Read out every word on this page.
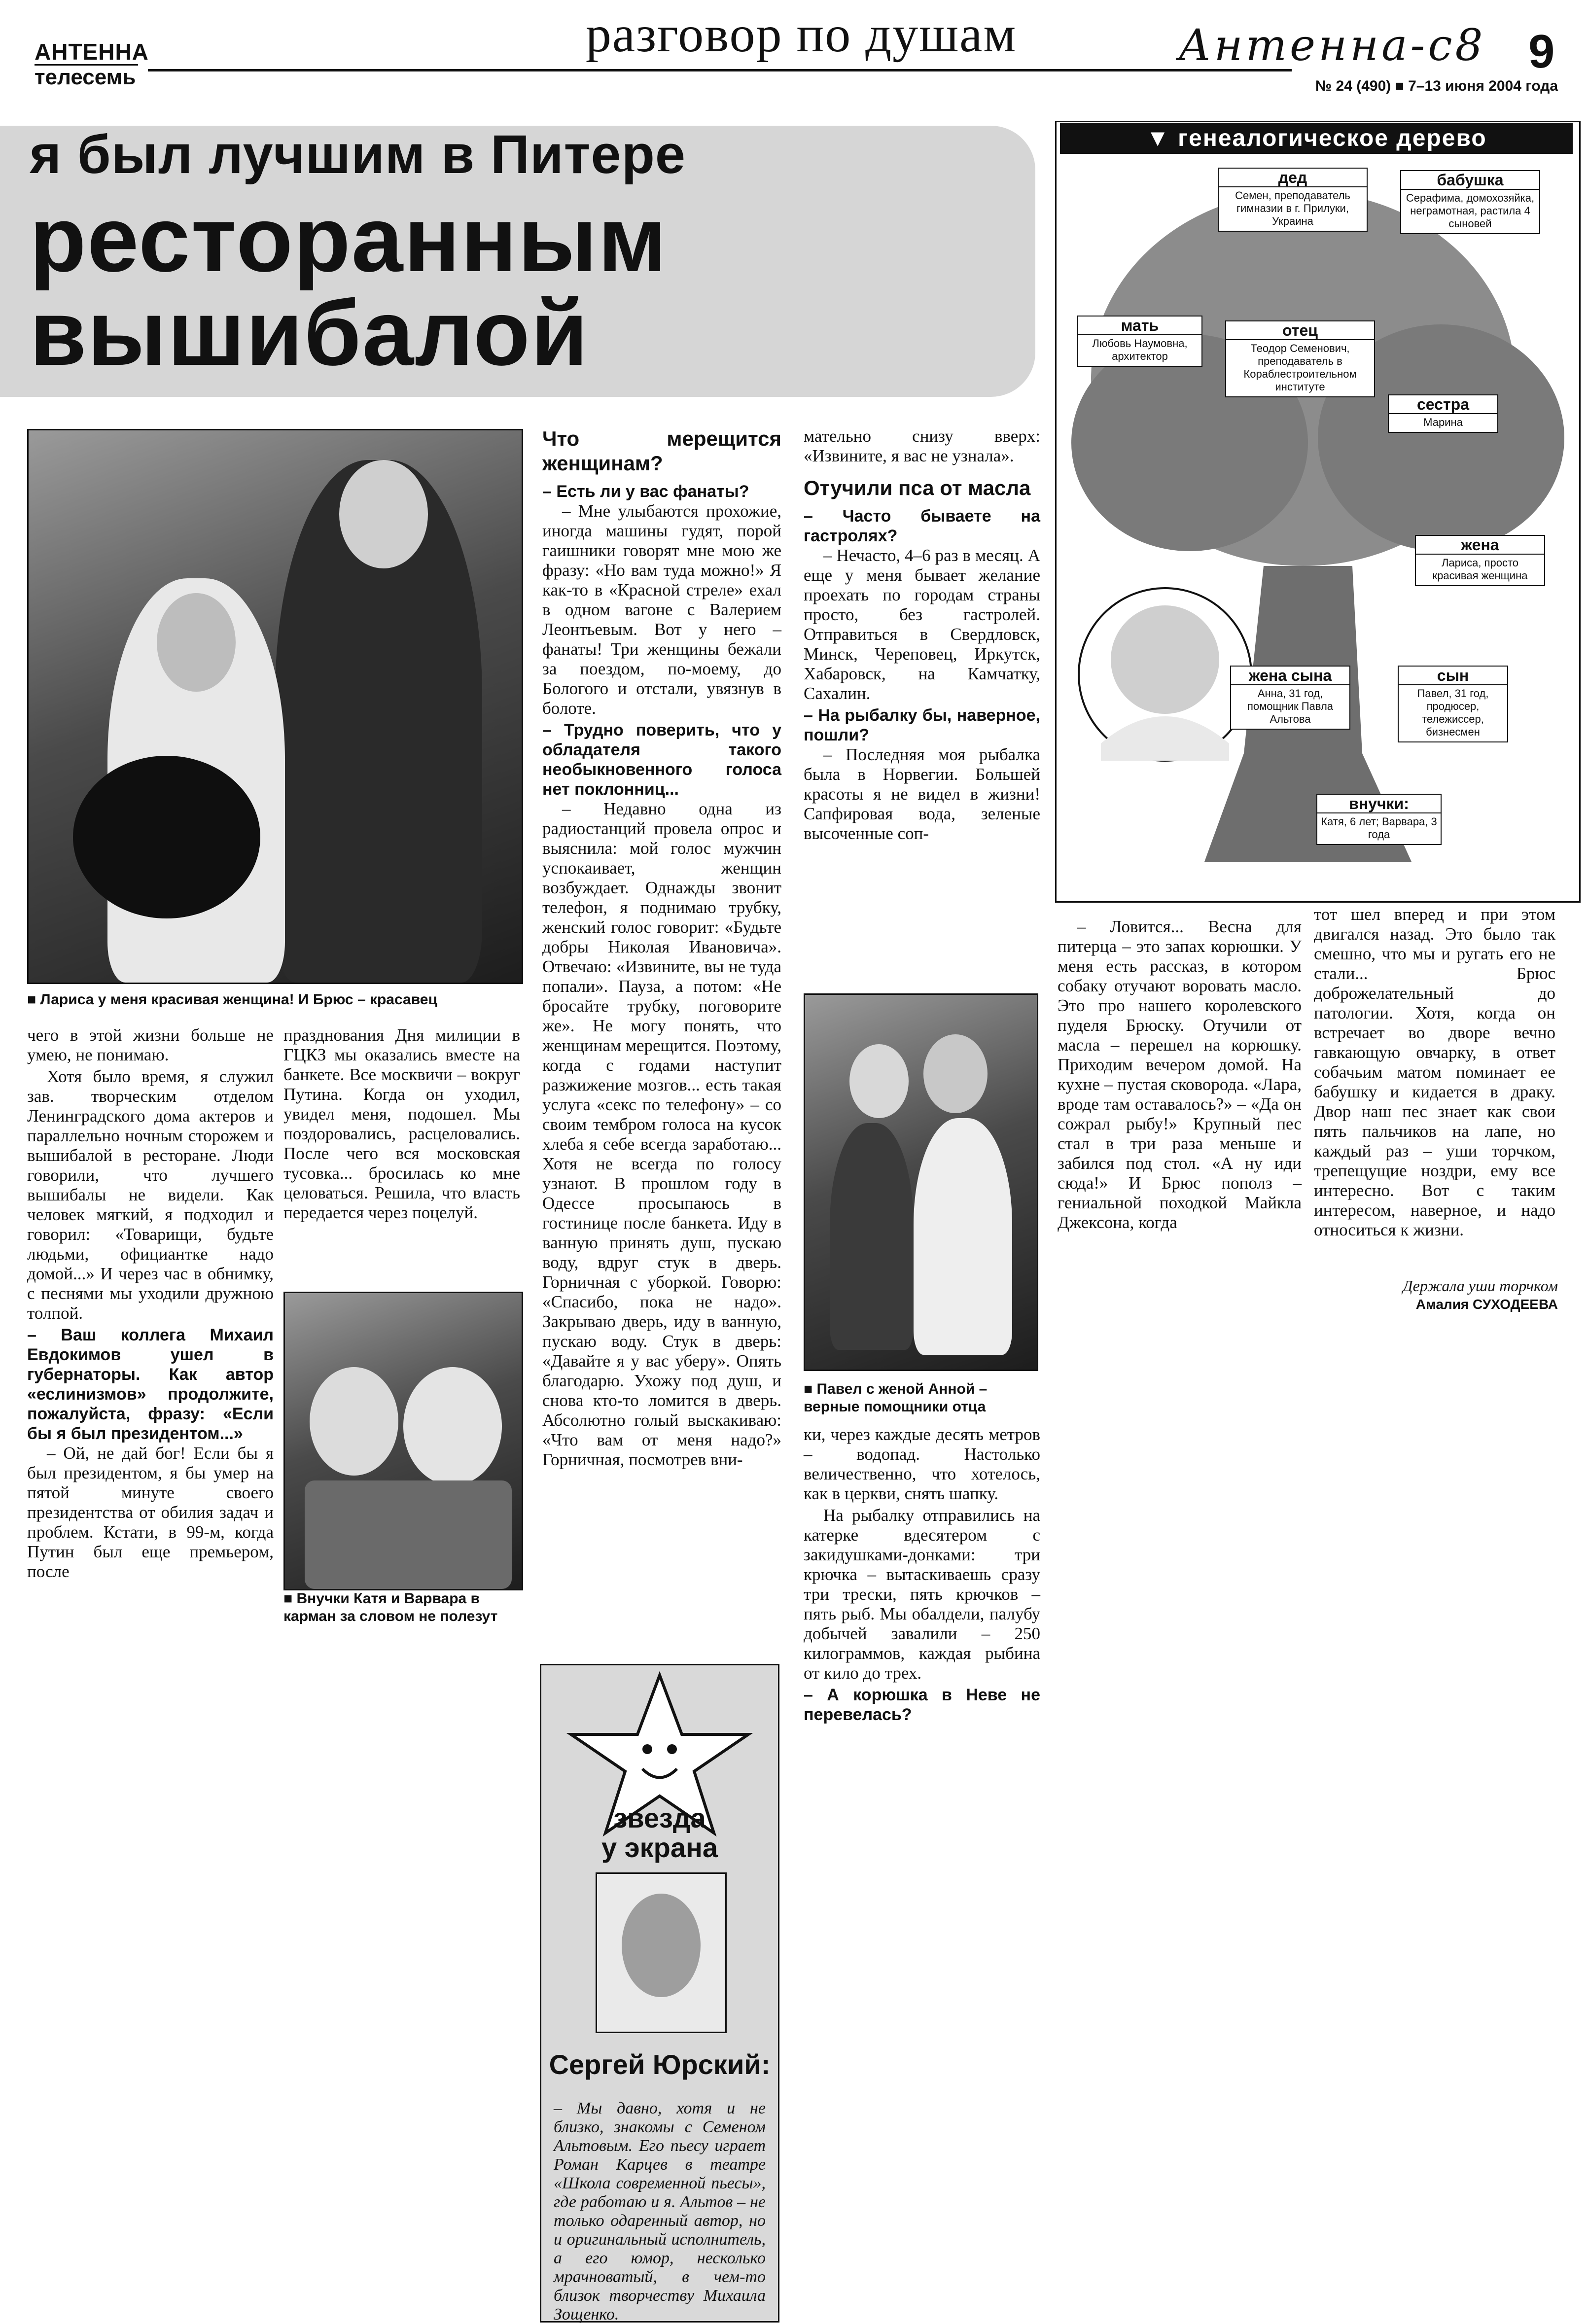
АНТЕННА
телесемь
разговор по душам	Антенна-с8 9
№ 24 (490) ■ 7–13 июня 2004 года
я был лучшим в Питере
ресторанным
вышибалой
■ Лариса у меня красивая женщина! И Брюс – красавец

чего в этой жизни больше не умею, не понимаю.

Хотя было время, я служил зав. творческим отделом Ленинградского дома актеров и параллельно ночным сторожем и вышибалой в ресторане. Люди говорили, что лучшего вышибалы не видели. Как человек мягкий, я подходил и говорил: «Товарищи, будьте людьми, официантке надо домой...» И через час в обнимку, с песнями мы уходили дружною толпой.

– Ваш коллега Михаил Евдокимов ушел в губернаторы. Как автор «еслинизмов» продолжите, пожалуйста, фразу: «Если бы я был президентом...»

– Ой, не дай бог! Если бы я был президентом, я бы умер на пятой минуте своего президентства от обилия задач и проблем. Кстати, в 99-м, когда Путин был еще премьером, после

празднования Дня милиции в ГЦКЗ мы оказались вместе на банкете. Все москвичи – вокруг Путина. Когда он уходил, увидел меня, подошел. Мы поздоровались, расцеловались. После чего вся московская тусовка... бросилась ко мне целоваться. Решила, что власть передается через поцелуй.

■ Внучки Катя и Варвара в карман за словом не полезут
Что мерещится женщинам?
– Есть ли у вас фанаты?

– Мне улыбаются прохожие, иногда машины гудят, порой гаишники говорят мне мою же фразу: «Но вам туда можно!» Я как-то в «Красной стреле» ехал в одном вагоне с Валерием Леонтьевым. Вот у него – фанаты! Три женщины бежали за поездом, по-моему, до Бологого и отстали, увязнув в болоте.

– Трудно поверить, что у обладателя такого необыкновенного голоса нет поклонниц...

– Недавно одна из радиостанций провела опрос и выяснила: мой голос мужчин успокаивает, женщин возбуждает. Однажды звонит телефон, я поднимаю трубку, женский голос говорит: «Будьте добры Николая Ивановича». Отвечаю: «Извините, вы не туда попали». Пауза, а потом: «Не бросайте трубку, поговорите же». Не могу понять, что женщинам мерещится. Поэтому, когда с годами наступит разжижение мозгов... есть такая услуга «секс по телефону» – со своим тембром голоса на кусок хлеба я себе всегда заработаю... Хотя не всегда по голосу узнают. В прошлом году в Одессе просыпаюсь в гостинице после банкета. Иду в ванную принять душ, пускаю воду, вдруг стук в дверь. Горничная с уборкой. Говорю: «Спасибо, пока не надо». Закрываю дверь, иду в ванную, пускаю воду. Стук в дверь: «Давайте я у вас уберу». Опять благодарю. Ухожу под душ, и снова кто-то ломится в дверь. Абсолютно голый выскакиваю: «Что вам от меня надо?» Горничная, посмотрев вни-

мательно снизу вверх: «Извините, я вас не узнала».

Отучили пса от масла
– Часто бываете на гастролях?

– Нечасто, 4–6 раз в месяц. А еще у меня бывает желание проехать по городам страны просто, без гастролей. Отправиться в Свердловск, Минск, Череповец, Иркутск, Хабаровск, на Камчатку, Сахалин.

– На рыбалку бы, наверное, пошли?

– Последняя моя рыбалка была в Норвегии. Большей красоты я не видел в жизни! Сапфировая вода, зеленые высоченные соп-

■ Павел с женой Анной – верные помощники отца

ки, через каждые десять метров – водопад. Настолько величественно, что хотелось, как в церкви, снять шапку.

На рыбалку отправились на катерке вдесятером с закидушками-донками: три крючка – вытаскиваешь сразу три трески, пять крючков – пять рыб. Мы обалдели, палубу добычей завалили – 250 килограммов, каждая рыбина от кило до трех.

– А корюшка в Неве не перевелась?
▼ генеалогическое дерево
дед
Семен, преподаватель гимназии в г. Прилуки, Украина
бабушка
Серафима, домохозяйка, неграмотная, растила 4 сыновей
мать
Любовь Наумовна, архитектор
отец
Теодор Семенович, преподаватель в Кораблестроительном институте
сестра
Марина
жена
Лариса, просто красивая женщина
жена сына
Анна, 31 год, помощник Павла Альтова
сын
Павел, 31 год, продюсер, тележиссер, бизнесмен
внучки:
Катя, 6 лет; Варвара, 3 года

– Ловится... Весна для питерца – это запах корюшки. У меня есть рассказ, в котором собаку отучают воровать масло. Это про нашего королевского пуделя Брюску. Отучили от масла – перешел на корюшку. Приходим вечером домой. На кухне – пустая сковорода. «Лара, вроде там оставалось?» – «Да он сожрал рыбу!» Крупный пес стал в три раза меньше и забился под стол. «А ну иди сюда!» И Брюс пополз – гениальной походкой Майкла Джексона, когда

тот шел вперед и при этом двигался назад. Это было так смешно, что мы и ругать его не стали... Брюс доброжелательный до патологии. Хотя, когда он встречает во дворе вечно гавкающую овчарку, в ответ собачьим матом поминает ее бабушку и кидается в драку. Двор наш пес знает как свои пять пальчиков на лапе, но каждый раз – уши торчком, трепещущие ноздри, ему все интересно. Вот с таким интересом, наверное, и надо относиться к жизни.

Держала уши торчком
Амалия СУХОДЕЕВА
звезда
у экрана
Сергей Юрский:
– Мы давно, хотя и не близко, знакомы с Семеном Альтовым. Его пьесу играет Роман Карцев в театре «Школа современной пьесы», где работаю и я. Альтов – не только одаренный автор, но и оригинальный исполнитель, а его юмор, несколько мрачноватый, в чем-то близок творчеству Михаила Зощенко.
